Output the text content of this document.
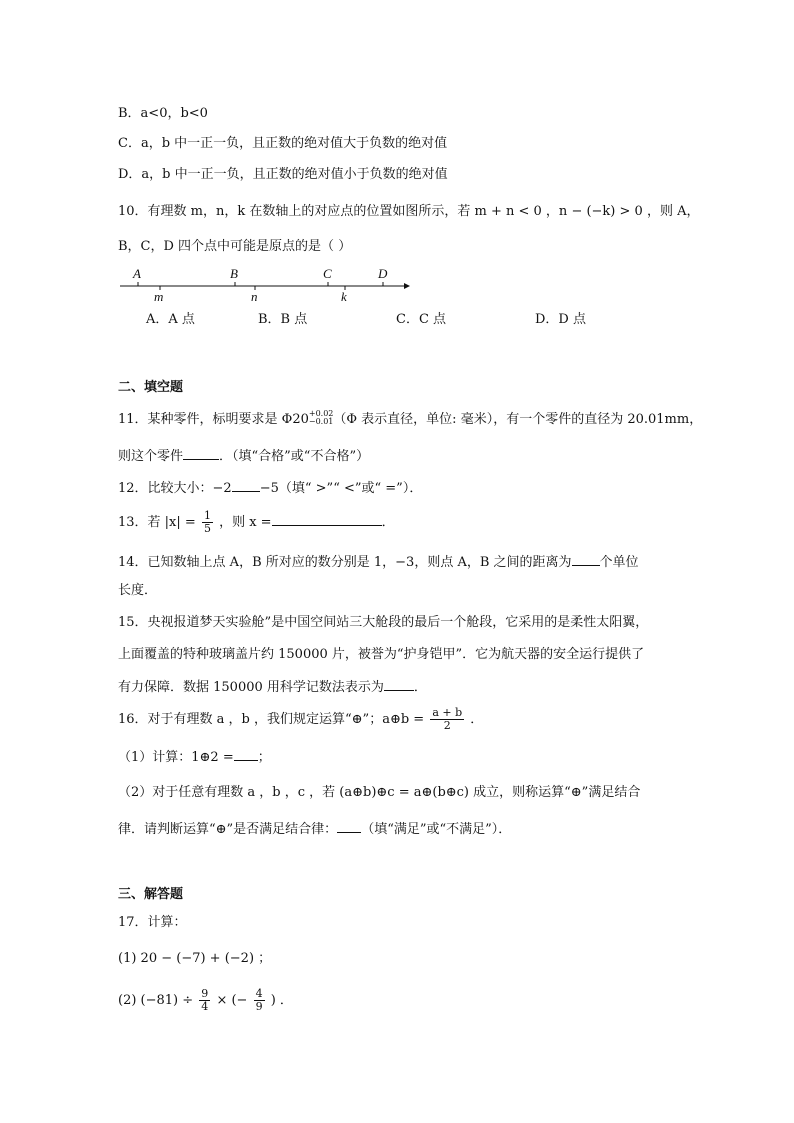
B．a<0，b<0
C．a，b 中一正一负，且正数的绝对值大于负数的绝对值
D．a，b 中一正一负，且正数的绝对值小于负数的绝对值
10．有理数 m，n，k 在数轴上的对应点的位置如图所示，若 m + n < 0 ，n − (−k) > 0 ，则 A，
B，C，D 四个点中可能是原点的是（ ）
A	B	C	D
m	n	k
A．A 点	B．B 点	C．C 点	D．D 点
二、填空题
11．某种零件，标明要求是 Φ20 +0.02
−0.01 （Φ 表示直径，单位: 毫米），有一个零件的直径为 20.01mm，
则这个零件	．（填“合格”或“不合格”）
12．比较大小：−2 −5（填“ >”“ <”或“ =”）．
13．若 $|x| = \frac{1}{5}$ ，则 x =	．
14．已知数轴上点 A，B 所对应的数分别是 1，−3，则点 A，B 之间的距离为 个单位
长度．
15．央视报道梦天实验舱”是中国空间站三大舱段的最后一个舱段，它采用的是柔性太阳翼，
上面覆盖的特种玻璃盖片约 150000 片，被誉为“护身铠甲”．它为航天器的安全运行提供了
有力保障．数据 150000 用科学记数法表示为 ．
16．对于有理数 a ，b ，我们规定运算“⊕”；a⊕b = $\frac{a + b}{2}$ ．
（1）计算：1⊕2 = ；
（2）对于任意有理数 a ，b ，c ，若 (a⊕b)⊕c = a⊕(b⊕c) 成立，则称运算“⊕”满足结合
律．请判断运算“⊕”是否满足结合律： （填“满足”或“不满足”）．
三、解答题
17．计算：
(1) 20 − (−7) + (−2) ；
(2) $(-81) \div \frac{9}{4}$ × (− $\frac{4}{9}$ ) ．
